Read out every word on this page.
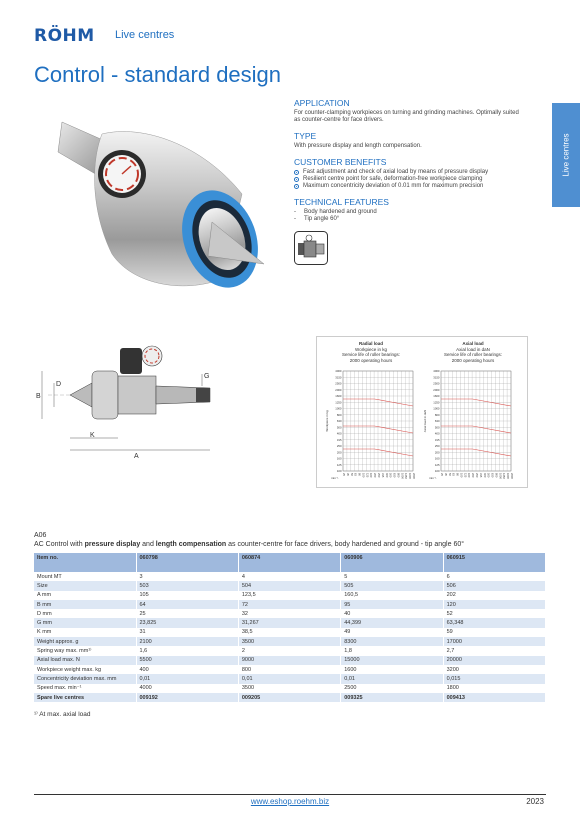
RÖHM Live centres
Control - standard design
Live centres
APPLICATION
For counter-clamping workpieces on turning and grinding machines. Optimally suited as counter-centre for face drivers.
TYPE
With pressure display and length compensation.
CUSTOMER BENEFITS
Fast adjustment and check of axial load by means of pressure display
Resilient centre point for safe, deformation-free workpiece clamping
Maximum concentricity deviation of 0.01 mm for maximum precision
TECHNICAL FEATURES
-	Body hardened and ground
-	Tip angle 60°
B
D
G
K
A
Radial load
Workpiece in kg
Service life of roller bearings:
2000 operating hours
Axial load
Axial load in daN
Service life of roller bearings:
2000 operating hours
4000
3150
2500
2000
1600
1250
1000
800
630
500
400
315
250
200
160
125
100
25 35 50 63 80 100 125 160 200 250 315 400 500 630 800 1000 1250 1600 2000
min⁻¹
Workpiece in kg
4000
3150
2500
2000
1600
1250
1000
800
630
500
400
315
250
200
160
125
100
25 35 50 63 80 100 125 160 200 250 315 400 500 630 800 1000 1250 1600 2000
min⁻¹
Axial load in daN
A06
AC Control with pressure display and length compensation as counter-centre for face drivers, body hardened and ground - tip angle 60°
Item no.	060798	060874	060906	060915
Mount MT	3	4	5	6
Size	503	504	505	506
A mm	105	123,5	160,5	202
B mm	64	72	95	120
D mm	25	32	40	52
G mm	23,825	31,267	44,399	63,348
K mm	31	38,5	49	59
Weight approx. g	2100	3500	8300	17000
Spring way max. mm¹⁾	1,6	2	1,8	2,7
Axial load max. N	5500	9000	15000	20000
Workpiece weight max. kg	400	800	1600	3200
Concentricity deviation max. mm	0,01	0,01	0,01	0,015
Speed max. min⁻¹	4000	3500	2500	1800
Spare live centres	009192	009205	009325	009413
¹⁾ At max. axial load
www.eshop.roehm.biz	2023
